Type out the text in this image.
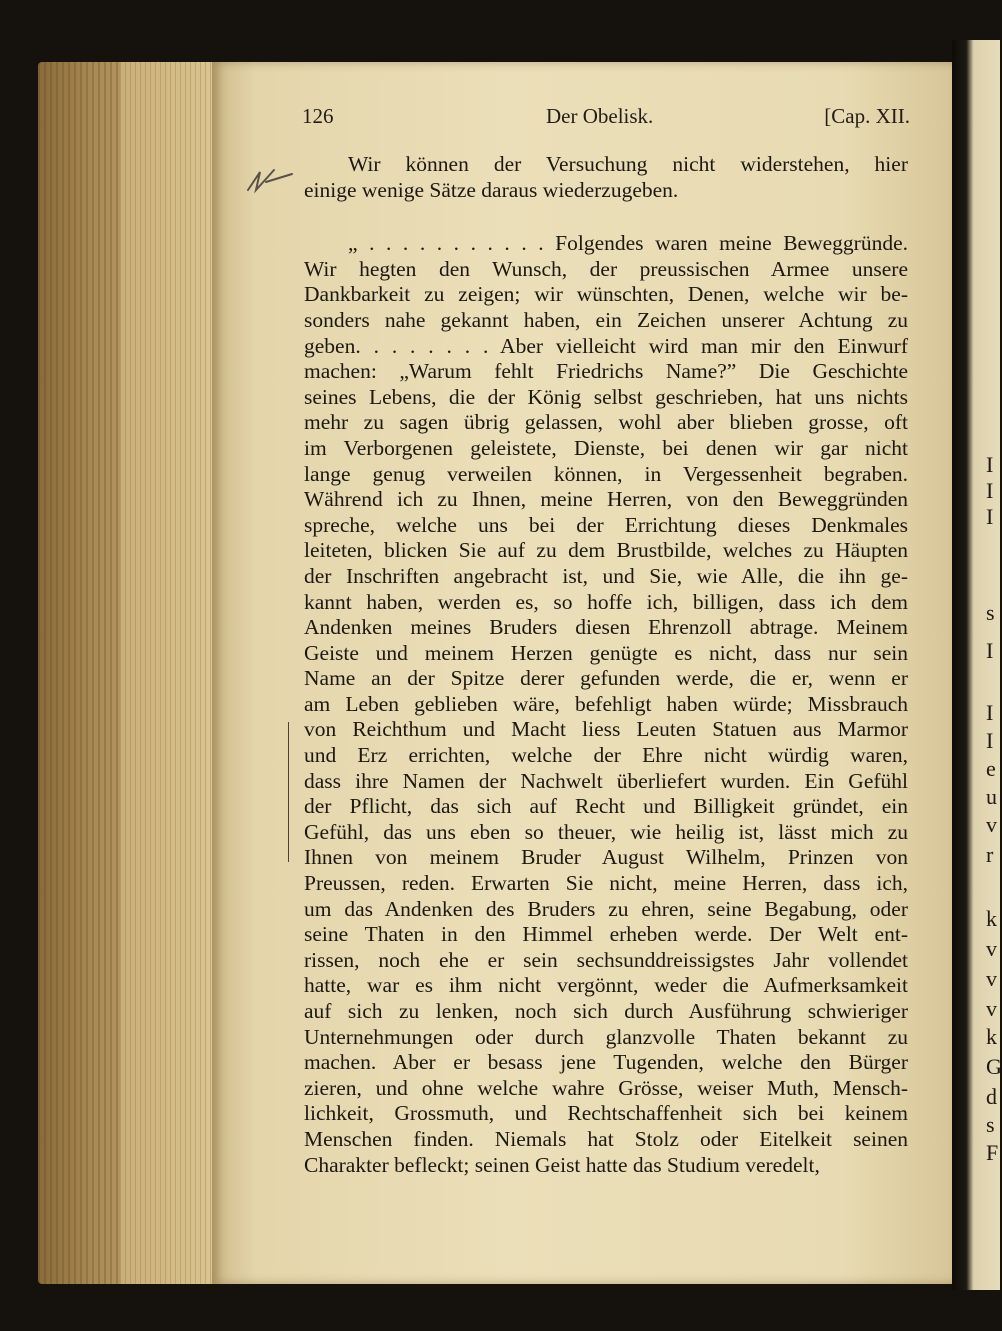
I
I
I
s
I
I
I
e
u
v
r
k
v
v
v
k
G
d
s
F
126	Der Obelisk.	[Cap. XII.
Wir können der Versuchung nicht widerstehen, hier
einige wenige Sätze daraus wiederzugeben.
„ . . . . . . . . . . . Folgendes waren meine Beweggründe.
Wir hegten den Wunsch, der preussischen Armee unsere
Dankbarkeit zu zeigen; wir wünschten, Denen, welche wir be-
sonders nahe gekannt haben, ein Zeichen unserer Achtung zu
geben. . . . . . . . Aber vielleicht wird man mir den Einwurf
machen: „Warum fehlt Friedrichs Name?” Die Geschichte
seines Lebens, die der König selbst geschrieben, hat uns nichts
mehr zu sagen übrig gelassen, wohl aber blieben grosse, oft
im Verborgenen geleistete, Dienste, bei denen wir gar nicht
lange genug verweilen können, in Vergessenheit begraben.
Während ich zu Ihnen, meine Herren, von den Beweggründen
spreche, welche uns bei der Errichtung dieses Denkmales
leiteten, blicken Sie auf zu dem Brustbilde, welches zu Häupten
der Inschriften angebracht ist, und Sie, wie Alle, die ihn ge-
kannt haben, werden es, so hoffe ich, billigen, dass ich dem
Andenken meines Bruders diesen Ehrenzoll abtrage. Meinem
Geiste und meinem Herzen genügte es nicht, dass nur sein
Name an der Spitze derer gefunden werde, die er, wenn er
am Leben geblieben wäre, befehligt haben würde; Missbrauch
von Reichthum und Macht liess Leuten Statuen aus Marmor
und Erz errichten, welche der Ehre nicht würdig waren,
dass ihre Namen der Nachwelt überliefert wurden. Ein Gefühl
der Pflicht, das sich auf Recht und Billigkeit gründet, ein
Gefühl, das uns eben so theuer, wie heilig ist, lässt mich zu
Ihnen von meinem Bruder August Wilhelm, Prinzen von
Preussen, reden. Erwarten Sie nicht, meine Herren, dass ich,
um das Andenken des Bruders zu ehren, seine Begabung, oder
seine Thaten in den Himmel erheben werde. Der Welt ent-
rissen, noch ehe er sein sechsunddreissigstes Jahr vollendet
hatte, war es ihm nicht vergönnt, weder die Aufmerksamkeit
auf sich zu lenken, noch sich durch Ausführung schwieriger
Unternehmungen oder durch glanzvolle Thaten bekannt zu
machen. Aber er besass jene Tugenden, welche den Bürger
zieren, und ohne welche wahre Grösse, weiser Muth, Mensch-
lichkeit, Grossmuth, und Rechtschaffenheit sich bei keinem
Menschen finden. Niemals hat Stolz oder Eitelkeit seinen
Charakter befleckt; seinen Geist hatte das Studium veredelt,
